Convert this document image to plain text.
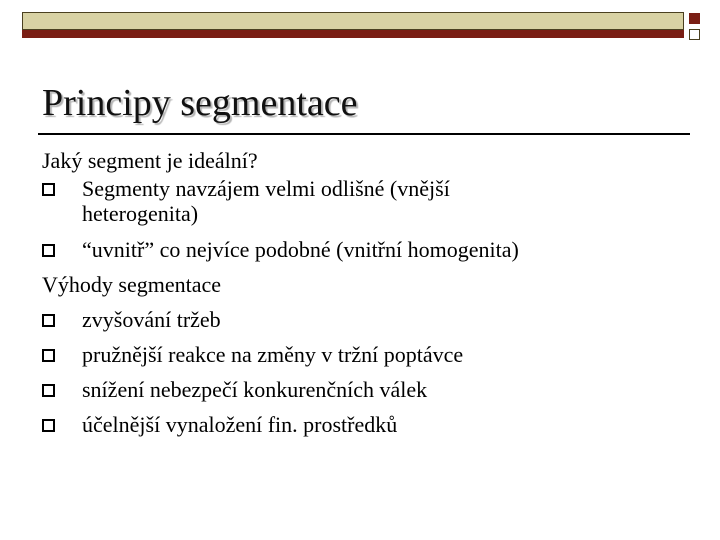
Principy segmentace
Jaký segment je ideální?
Segmenty navzájem velmi odlišné (vnější
heterogenita)
“uvnitř” co nejvíce podobné (vnitřní homogenita)
Výhody segmentace
zvyšování tržeb
pružnější reakce na změny v tržní poptávce
snížení nebezpečí konkurenčních válek
účelnější vynaložení fin. prostředků
